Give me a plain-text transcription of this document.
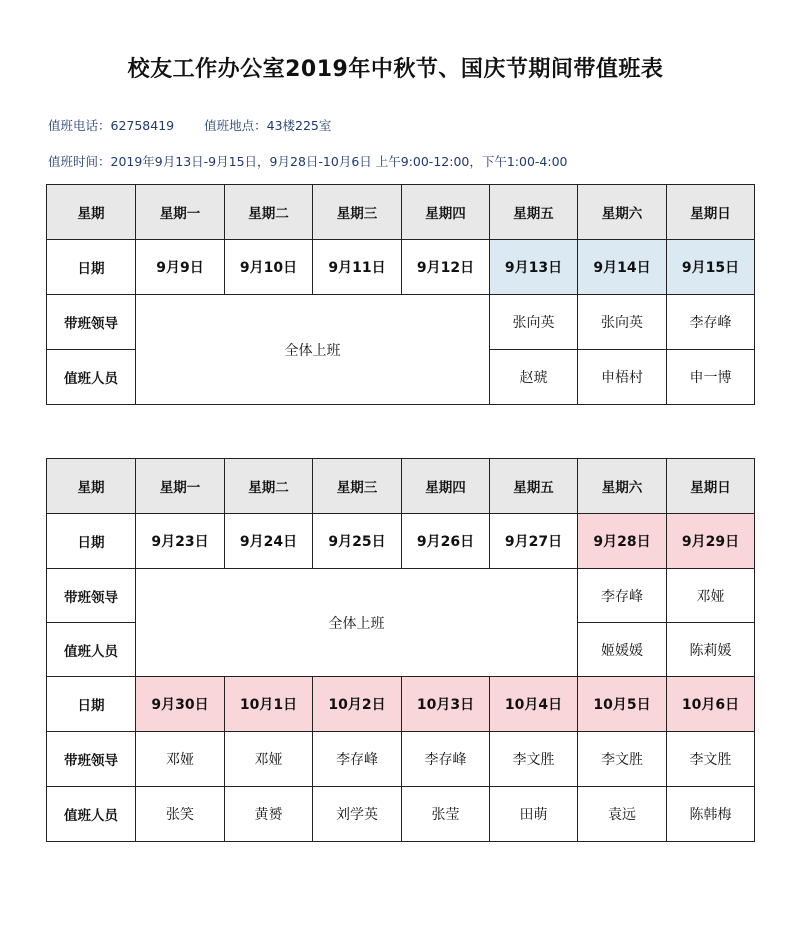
校友工作办公室2019年中秋节、国庆节期间带值班表
值班电话：62758419 值班地点：43楼225室
值班时间：2019年9月13日-9月15日，9月28日-10月6日 上午9:00-12:00，下午1:00-4:00
星期	星期一	星期二	星期三	星期四	星期五	星期六	星期日
日期	9月9日	9月10日	9月11日	9月12日	9月13日	9月14日	9月15日
带班领导	全体上班				张向英	张向英	李存峰
值班人员					赵琥	申梧村	申一博
星期	星期一	星期二	星期三	星期四	星期五	星期六	星期日
日期	9月23日	9月24日	9月25日	9月26日	9月27日	9月28日	9月29日
带班领导	全体上班					李存峰	邓娅
值班人员						姬媛媛	陈莉媛
日期	9月30日	10月1日	10月2日	10月3日	10月4日	10月5日	10月6日
带班领导	邓娅	邓娅	李存峰	李存峰	李文胜	李文胜	李文胜
值班人员	张笑	黄赟	刘学英	张莹	田萌	袁远	陈韩梅
